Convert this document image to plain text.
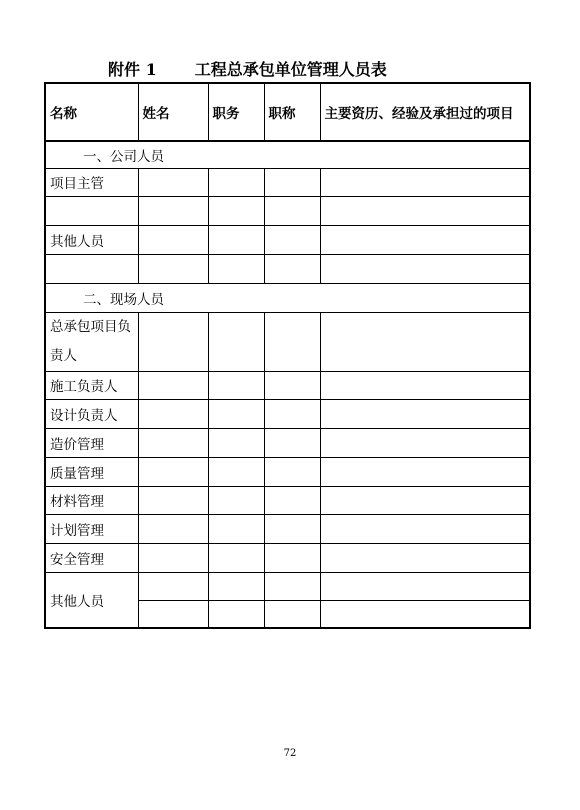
附件 1 工程总承包单位管理人员表
名称	姓名	职务	职称	主要资历、经验及承担过的项目
一、公司人员				
项目主管				

其他人员				

二、现场人员				
总承包项目负责人				
施工负责人				
设计负责人				
造价管理				
质量管理				
材料管理				
计划管理				
安全管理				
其他人员				

72
